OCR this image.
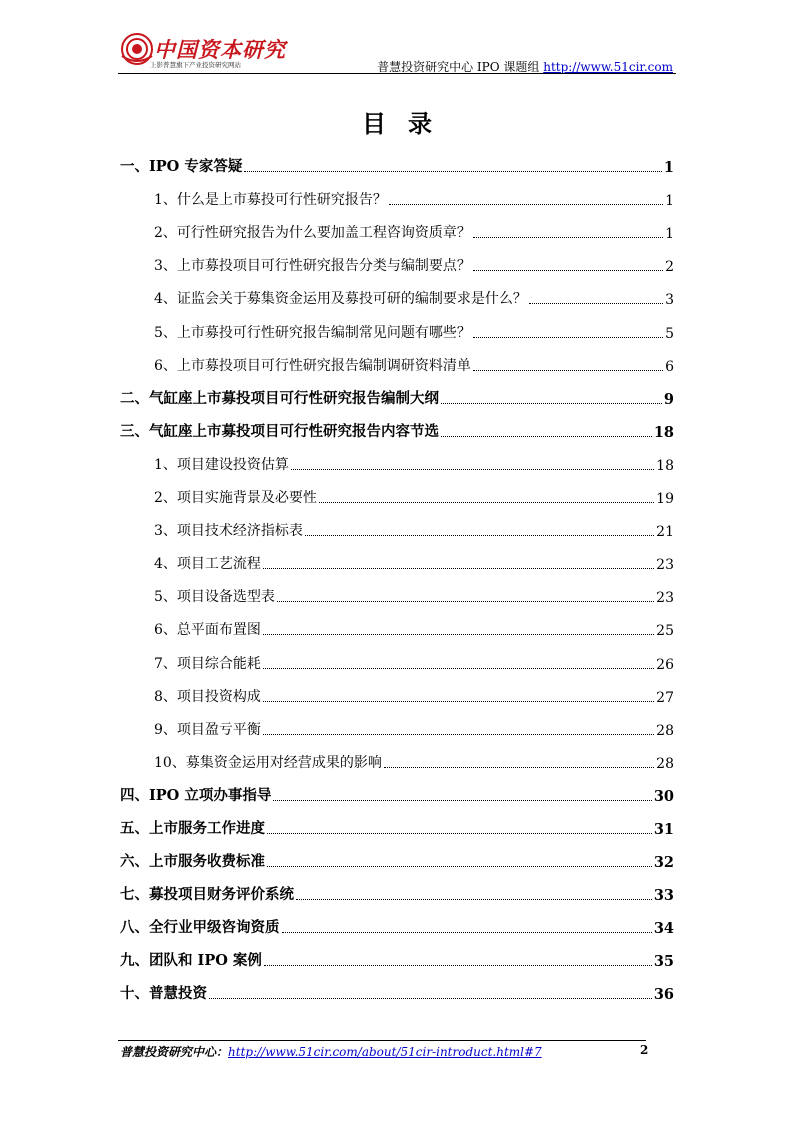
中国资本研究
上影普慧旗下产业投资研究网站	普慧投资研究中心 IPO 课题组 http://www.51cir.com
目录
一、IPO 专家答疑	1
1、什么是上市募投可行性研究报告？	1
2、可行性研究报告为什么要加盖工程咨询资质章？	1
3、上市募投项目可行性研究报告分类与编制要点？	2
4、证监会关于募集资金运用及募投可研的编制要求是什么？	3
5、上市募投可行性研究报告编制常见问题有哪些？	5
6、上市募投项目可行性研究报告编制调研资料清单	6
二、气缸座上市募投项目可行性研究报告编制大纲	9
三、气缸座上市募投项目可行性研究报告内容节选	18
1、项目建设投资估算	18
2、项目实施背景及必要性	19
3、项目技术经济指标表	21
4、项目工艺流程	23
5、项目设备选型表	23
6、总平面布置图	25
7、项目综合能耗	26
8、项目投资构成	27
9、项目盈亏平衡	28
10、募集资金运用对经营成果的影响	28
四、IPO 立项办事指导	30
五、上市服务工作进度	31
六、上市服务收费标准	32
七、募投项目财务评价系统	33
八、全行业甲级咨询资质	34
九、团队和 IPO 案例	35
十、普慧投资	36
普慧投资研究中心：http://www.51cir.com/about/51cir-introduct.html#7	2
